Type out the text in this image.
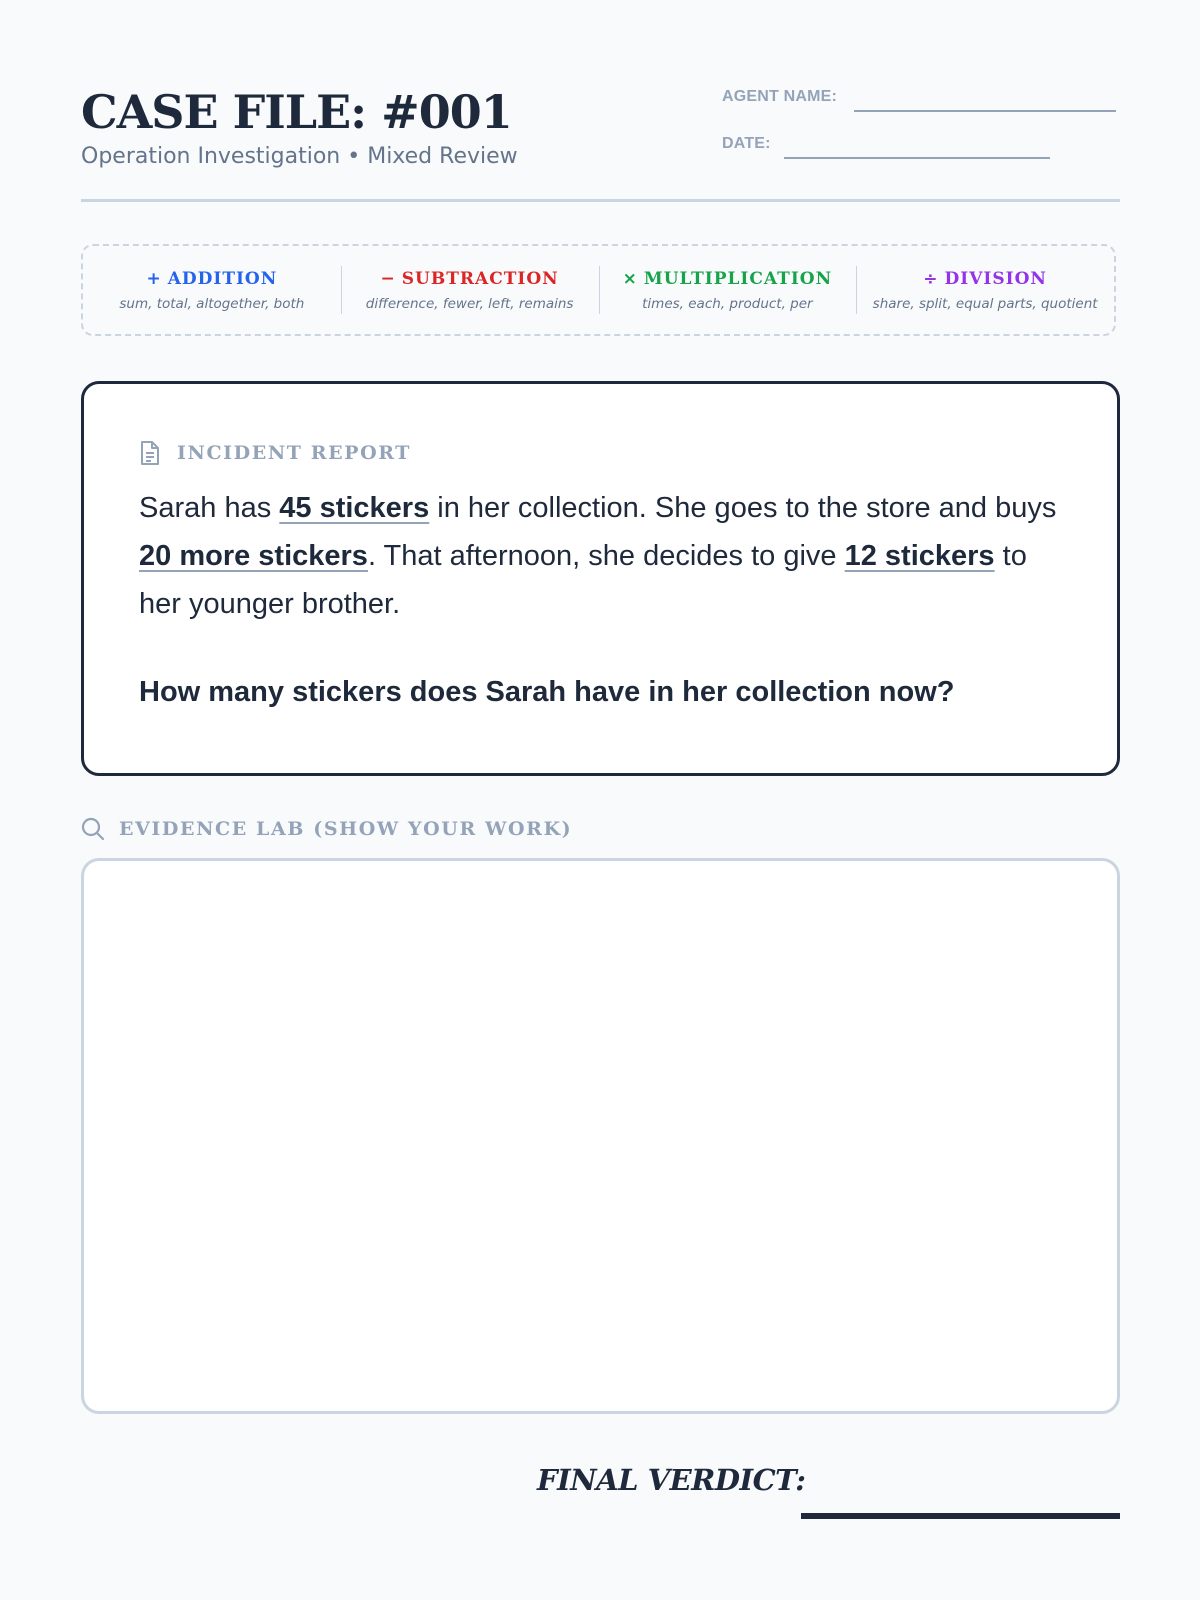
CASE FILE: #001
Operation Investigation • Mixed Review
AGENT NAME:
DATE:
+ ADDITION
sum, total, altogether, both
− SUBTRACTION
difference, fewer, left, remains
× MULTIPLICATION
times, each, product, per
÷ DIVISION
share, split, equal parts, quotient
INCIDENT REPORT
Sarah has 45 stickers in her collection. She goes to the store and buys 20 more stickers. That afternoon, she decides to give 12 stickers to her younger brother.
How many stickers does Sarah have in her collection now?
EVIDENCE LAB (SHOW YOUR WORK)
FINAL VERDICT:
